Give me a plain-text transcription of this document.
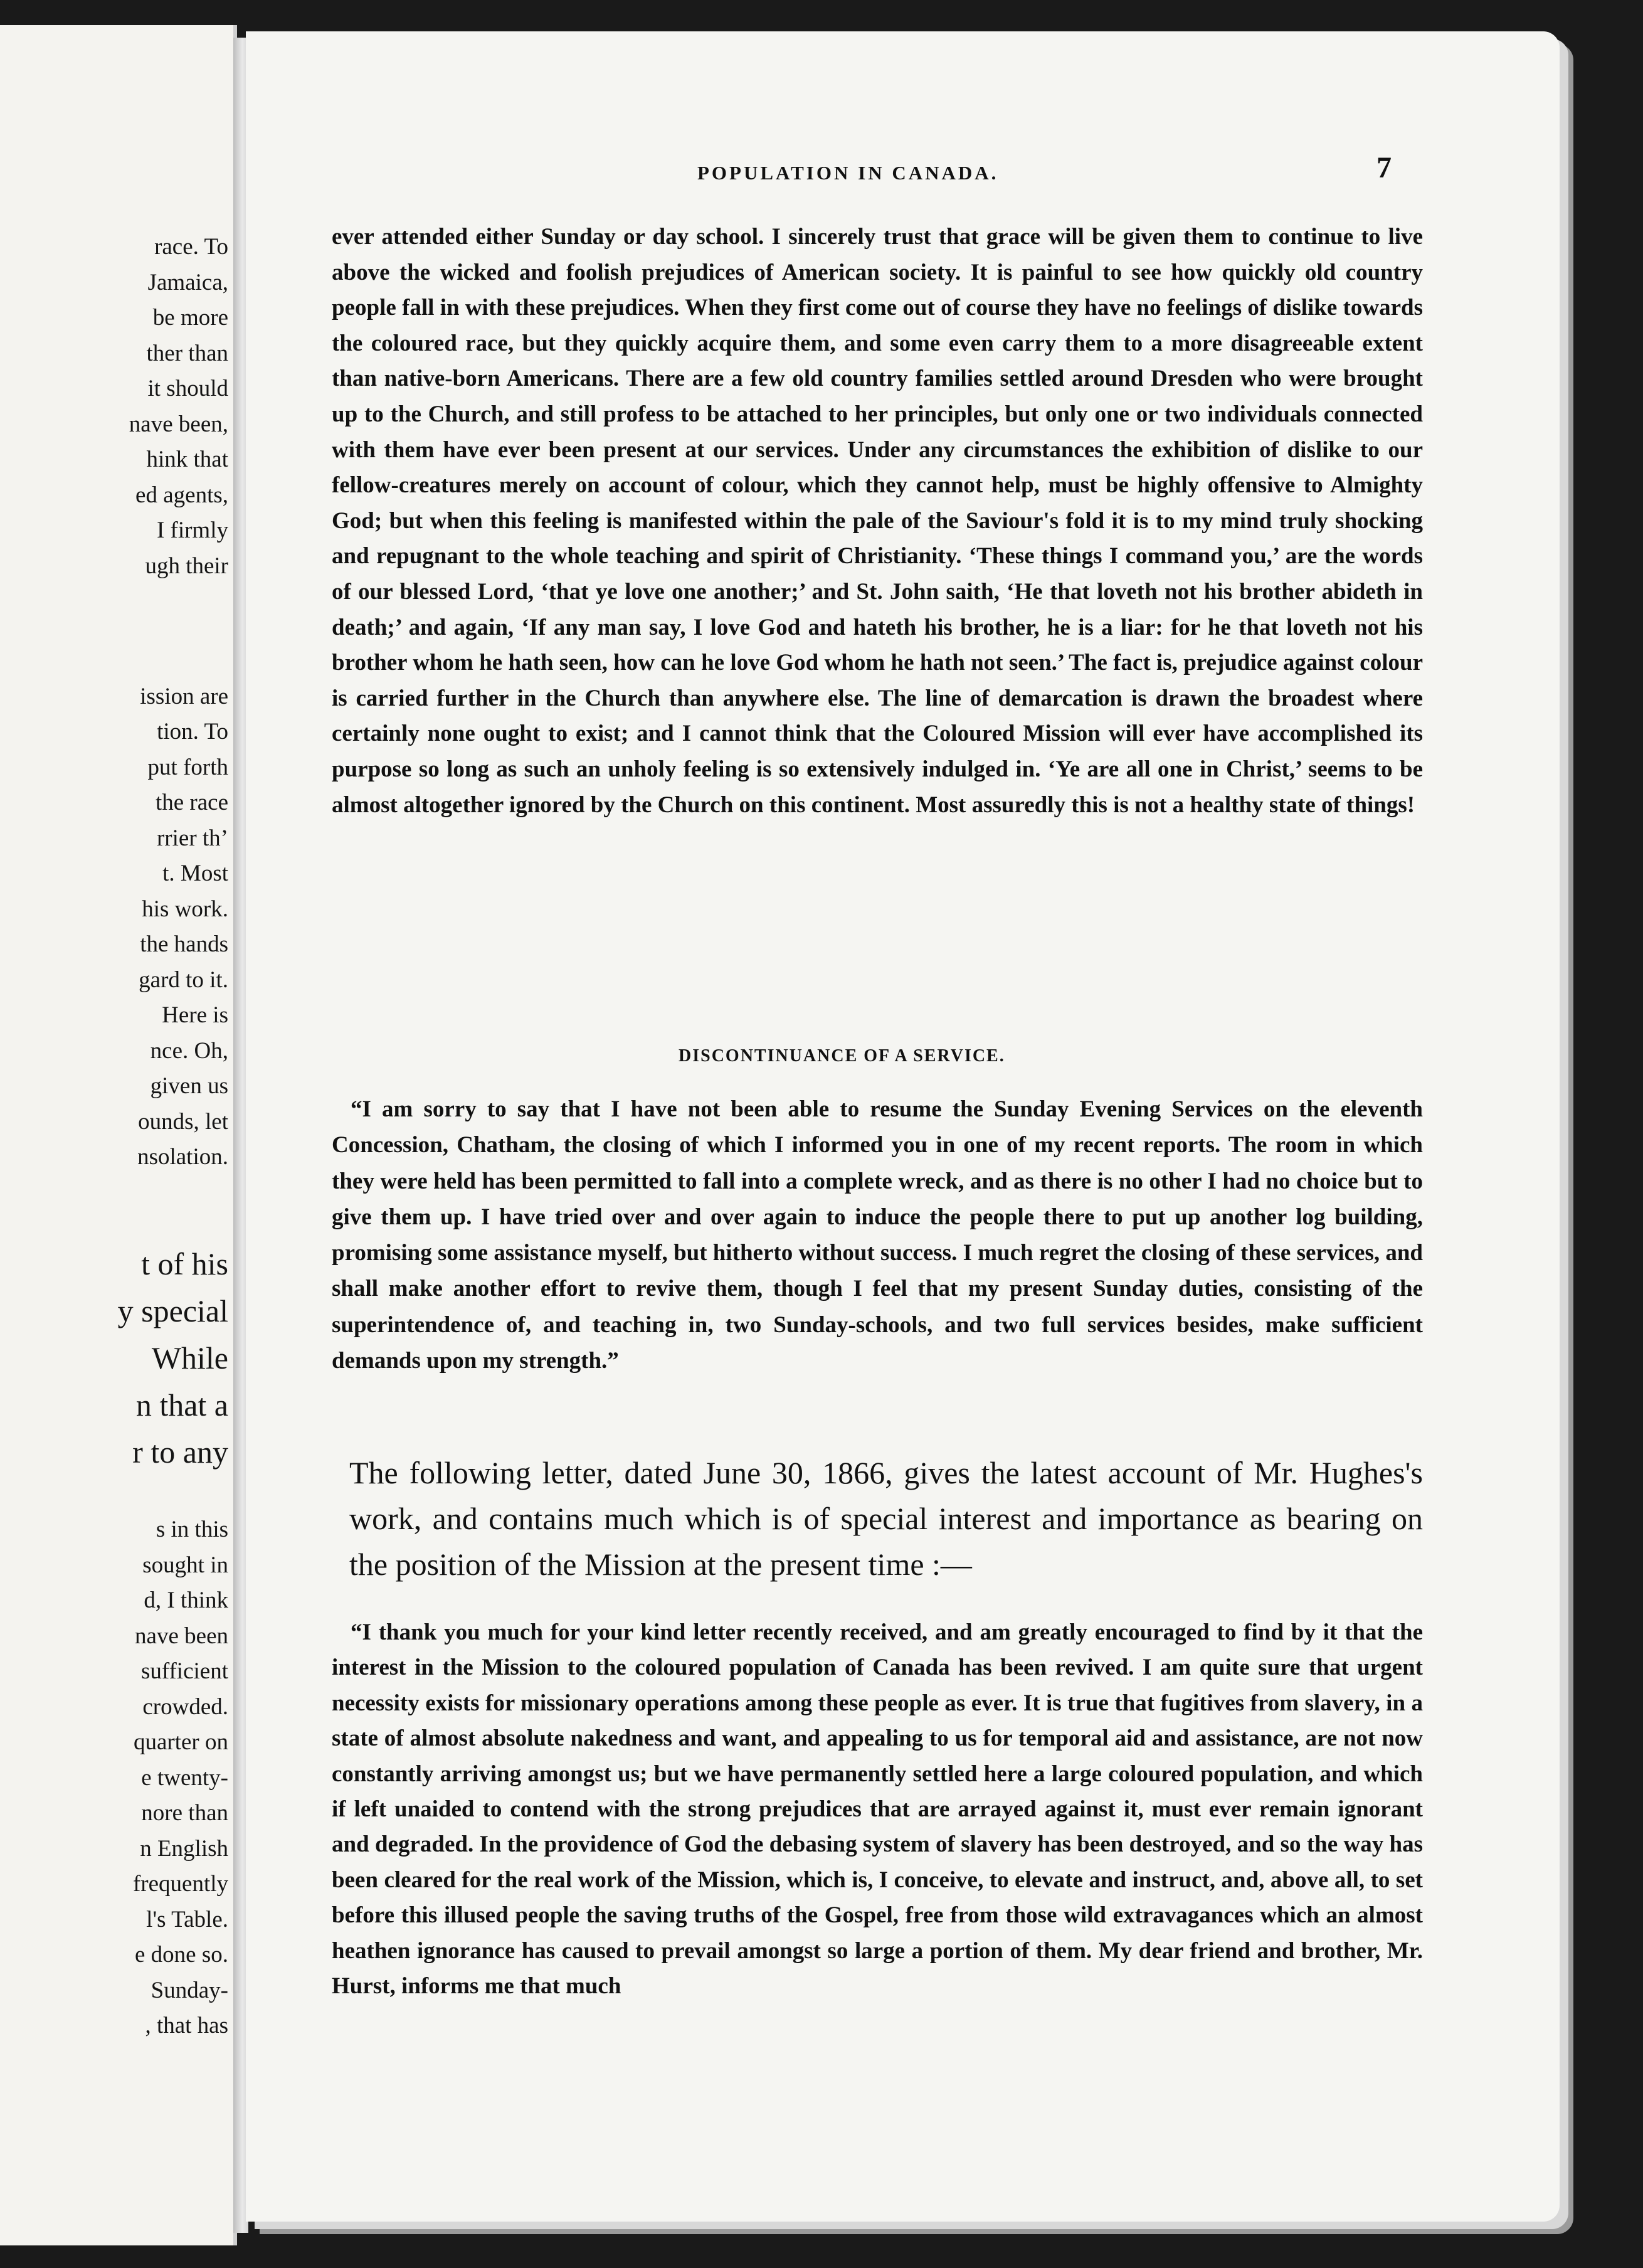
race. To
Jamaica,
be more
ther than
it should
nave been,
hink that
ed agents,
I firmly
ugh their
ission are
tion. To
put forth
the race
rrier thʼ
t. Most
his work.
the hands
gard to it.
Here is
nce. Oh,
given us
ounds, let
nsolation.
t of his
y special
While
n that а
r to any
s in this
sought in
d, I think
nave been
sufficient
crowded.
quarter on
e twenty-
nore than
n English
frequently
l's Table.
e done so.
Sunday-
, that has
POPULATION IN CANADA.	7

ever attended either Sunday or day school. I sincerely trust that grace will be given them to continue to live above the wicked and foolish prejudices of American society. It is painful to see how quickly old country people fall in with these prejudices. When they first come out of course they have no feelings of dislike towards the coloured race, but they quickly acquire them, and some even carry them to a more disagreeable extent than native-born Americans. There are a few old country families settled around Dresden who were brought up to the Church, and still profess to be attached to her principles, but only one or two individuals connected with them have ever been present at our services. Under any circumstances the exhibition of dislike to our fellow-creatures merely on account of colour, which they cannot help, must be highly offensive to Almighty God; but when this feeling is manifested within the pale of the Saviour's fold it is to my mind truly shocking and repugnant to the whole teaching and spirit of Christianity. ‘These things I command you,’ are the words of our blessed Lord, ‘that ye love one another;’ and St. John saith, ‘He that loveth not his brother abideth in death;’ and again, ‘If any man say, I love God and hateth his brother, he is a liar: for he that loveth not his brother whom he hath seen, how can he love God whom he hath not seen.’ The fact is, prejudice against colour is carried further in the Church than anywhere else. The line of demarcation is drawn the broadest where certainly none ought to exist; and I cannot think that the Coloured Mission will ever have accomplished its purpose so long as such an unholy feeling is so extensively indulged in. ‘Ye are all one in Christ,’ seems to be almost altogether ignored by the Church on this continent. Most assuredly this is not a healthy state of things!

DISCONTINUANCE OF A SERVICE.

“I am sorry to say that I have not been able to resume the Sunday Evening Services on the eleventh Concession, Chatham, the closing of which I informed you in one of my recent reports. The room in which they were held has been permitted to fall into a complete wreck, and as there is no other I had no choice but to give them up. I have tried over and over again to induce the people there to put up another log building, promising some assistance myself, but hitherto without success. I much regret the closing of these services, and shall make another effort to revive them, though I feel that my present Sunday duties, consisting of the superintendence of, and teaching in, two Sunday-schools, and two full services besides, make sufficient demands upon my strength.”

The following letter, dated June 30, 1866, gives the latest account of Mr. Hughes's work, and contains much which is of special interest and importance as bearing on the position of the Mission at the present time :—

“I thank you much for your kind letter recently received, and am greatly encouraged to find by it that the interest in the Mission to the coloured population of Canada has been revived. I am quite sure that urgent necessity exists for missionary operations among these people as ever. It is true that fugitives from slavery, in a state of almost absolute nakedness and want, and appealing to us for temporal aid and assistance, are not now constantly arriving amongst us; but we have permanently settled here a large coloured population, and which if left unaided to contend with the strong prejudices that are arrayed against it, must ever remain ignorant and degraded. In the providence of God the debasing system of slavery has been destroyed, and so the way has been cleared for the real work of the Mission, which is, I conceive, to elevate and instruct, and, above all, to set before this illused people the saving truths of the Gospel, free from those wild extravagances which an almost heathen ignorance has caused to prevail amongst so large a portion of them. My dear friend and brother, Mr. Hurst, informs me that much
